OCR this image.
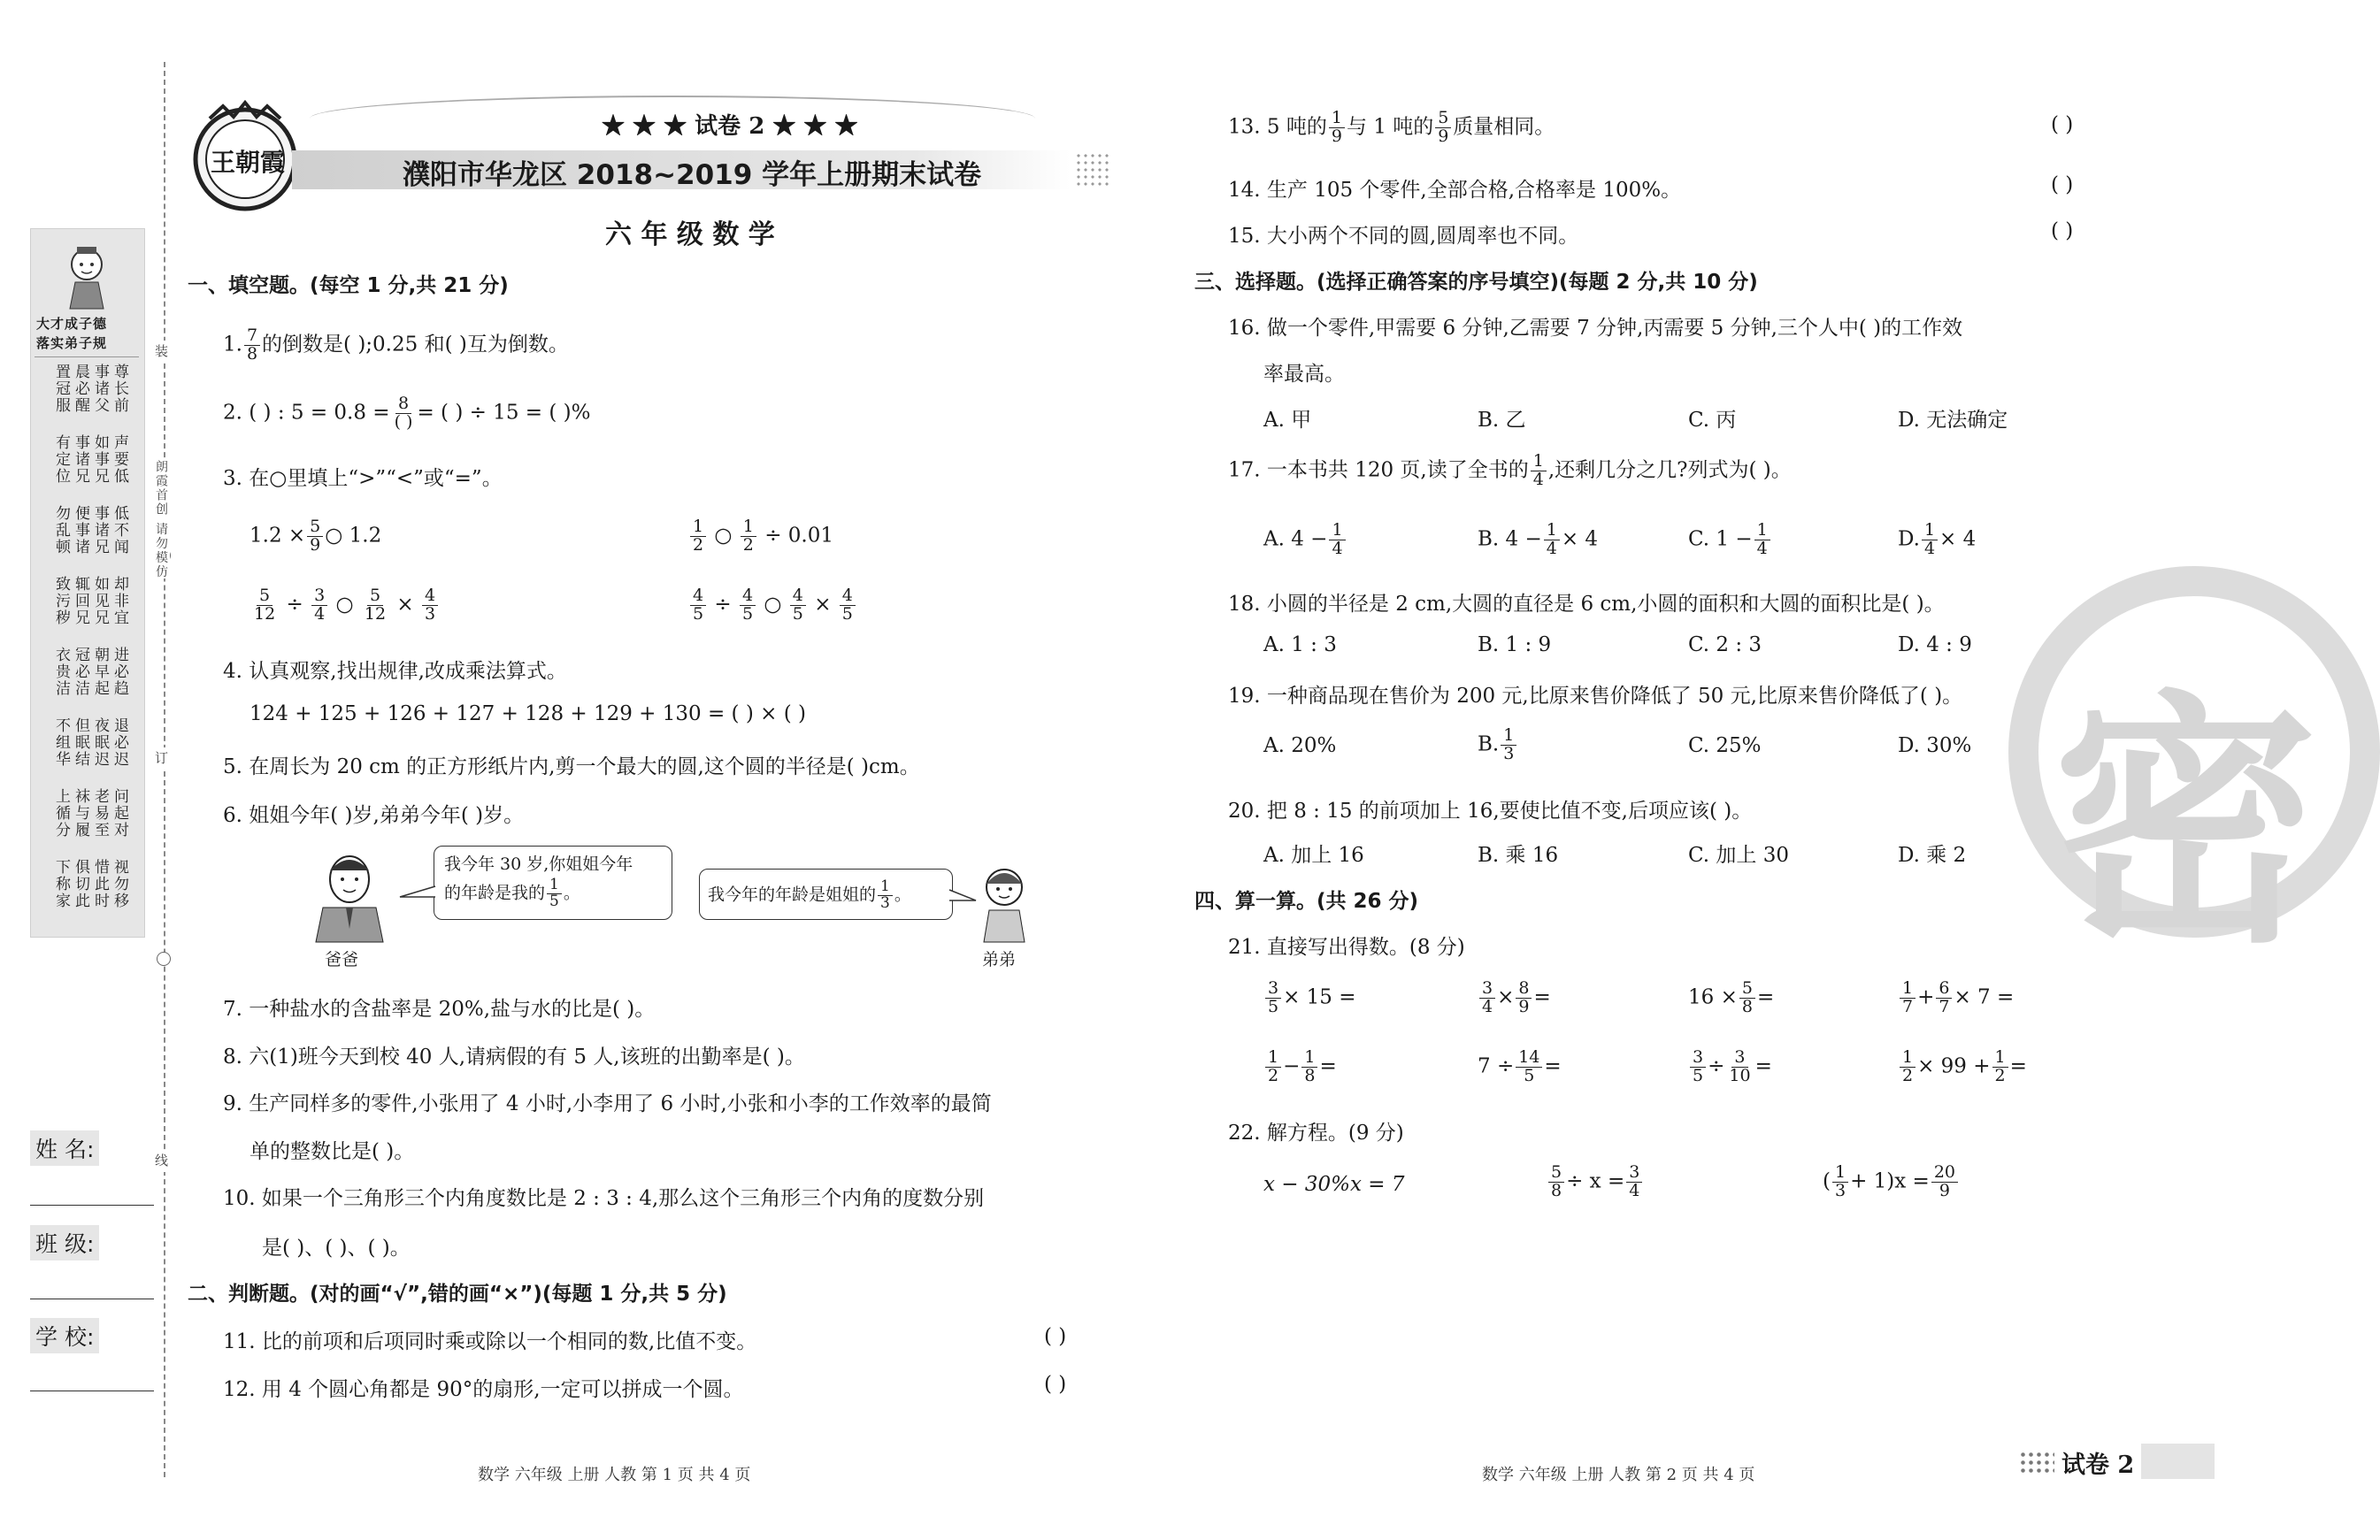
装
订
线
朗霞首创 请勿模仿
大才成子德
落实弟子规
尊长前
事诸父
晨必醒
置冠服
声要低
如事兄
事诸兄
有定位
低不闻
事诸兄
便事诸
勿乱顿
却非宜
如见兄
辄回兄
致污秽
进必趋
朝早起
冠必洁
衣贵洁
退必迟
夜眠迟
但眠结
不组华
问起对
老易至
袜与履
上循分
视勿移
惜此时
俱切此
下称家
姓 名:
班 级:
学 校:
王朝霞
★ ★ ★ 试卷 2 ★ ★ ★
濮阳市华龙区 2018~2019 学年上册期末试卷
六 年 级 数 学
一、填空题。(每空 1 分,共 21 分)
1. $\frac{7}{8}$ 的倒数是( );0.25 和( )互为倒数。
2. ( ) : $5 = 0.8 = \frac{8}{( )}$ = ( ) ÷ 15 = ( )%
3. 在○里填上“>”“<”或“=”。
$1.2 \times \frac{5}{9}$ ○ 1.2	$\frac{1}{2}$ ○ $\frac{1}{2} \div 0.01$
$\frac{5}{12} \div \frac{3}{4}$ ○ $\frac{5}{12} \times \frac{4}{3}$	$\frac{4}{5} \div \frac{4}{5}$ ○ $\frac{4}{5} \times \frac{4}{5}$
4. 认真观察,找出规律,改成乘法算式。
124 + 125 + 126 + 127 + 128 + 129 + 130 = ( ) × ( )
5. 在周长为 20 cm 的正方形纸片内,剪一个最大的圆,这个圆的半径是( )cm。
6. 姐姐今年( )岁,弟弟今年( )岁。
爸爸
我今年 30 岁,你姐姐今年
的年龄是我的 $\frac{1}{5}$ 。	我今年的年龄是姐姐的 $\frac{1}{3}$ 。
弟弟
7. 一种盐水的含盐率是 20%,盐与水的比是( )。
8. 六(1)班今天到校 40 人,请病假的有 5 人,该班的出勤率是( )。
9. 生产同样多的零件,小张用了 4 小时,小李用了 6 小时,小张和小李的工作效率的最简
单的整数比是( )。
10. 如果一个三角形三个内角度数比是 2 : 3 : 4,那么这个三角形三个内角的度数分别
是( )、( )、( )。
二、判断题。(对的画“√”,错的画“×”)(每题 1 分,共 5 分)
11. 比的前项和后项同时乘或除以一个相同的数,比值不变。	( )
12. 用 4 个圆心角都是 90°的扇形,一定可以拼成一个圆。	( )
数学 六年级 上册 人教 第 1 页 共 4 页
13. 5 吨的 $\frac{1}{9}$ 与 1 吨的 $\frac{5}{9}$ 质量相同。	( )
14. 生产 105 个零件,全部合格,合格率是 100%。	( )
15. 大小两个不同的圆,圆周率也不同。	( )
三、选择题。(选择正确答案的序号填空)(每题 2 分,共 10 分)
16. 做一个零件,甲需要 6 分钟,乙需要 7 分钟,丙需要 5 分钟,三个人中( )的工作效
率最高。
A. 甲	B. 乙	C. 丙	D. 无法确定
17. 一本书共 120 页,读了全书的 $\frac{1}{4}$ ,还剩几分之几?列式为( )。
A. $4 - \frac{1}{4}$	B. $4 - \frac{1}{4} \times 4$	C. $1 - \frac{1}{4}$	D. $\frac{1}{4} \times 4$
18. 小圆的半径是 2 cm,大圆的直径是 6 cm,小圆的面积和大圆的面积比是( )。
A. 1 : 3	B. 1 : 9	C. 2 : 3	D. 4 : 9
19. 一种商品现在售价为 200 元,比原来售价降低了 50 元,比原来售价降低了( )。
A. 20%	B. $\frac{1}{3}$	C. 25%	D. 30%
20. 把 8 : 15 的前项加上 16,要使比值不变,后项应该( )。
A. 加上 16	B. 乘 16	C. 加上 30	D. 乘 2
四、算一算。(共 26 分)
21. 直接写出得数。(8 分)
$\frac{3}{5} \times 15$ =	$\frac{3}{4} \times \frac{8}{9}$ =	$16 \times \frac{5}{8}$ =	$\frac{1}{7} + \frac{6}{7} \times 7$ =
$\frac{1}{2} - \frac{1}{8}$ =	$7 \div \frac{14}{5}$ =	$\frac{3}{5} \div \frac{3}{10}$ =	$\frac{1}{2} \times 99 + \frac{1}{2}$ =
22. 解方程。(9 分)
x − 30%x = 7	$\frac{5}{8} \div x = \frac{3}{4}$	( $\frac{1}{3} + 1)x = \frac{20}{9}$
密
数学 六年级 上册 人教 第 2 页 共 4 页	试卷 2
